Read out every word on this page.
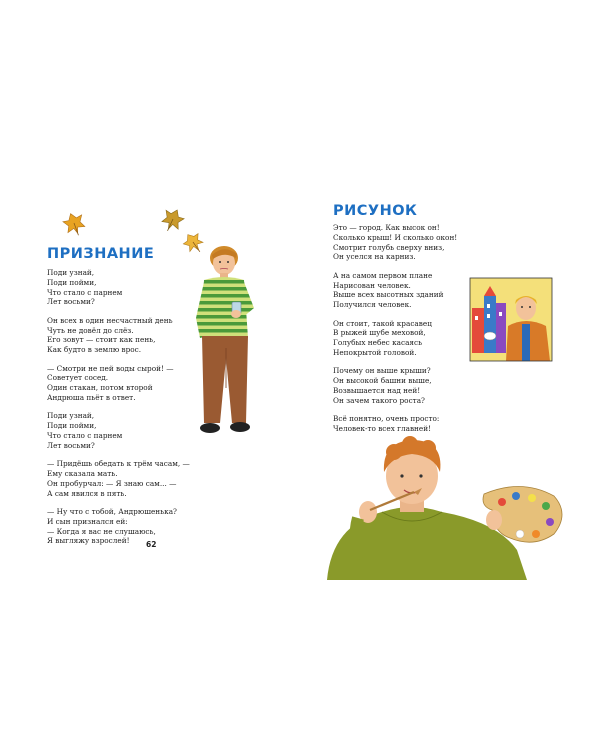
ПРИЗНАНИЕ
Поди узнай,
Поди пойми,
Что стало с парнем
Лет восьми?
Он всех в один несчастный день
Чуть не довёл до слёз.
Его зовут — стоит как пень,
Как будто в землю врос.
— Смотри не пей воды сырой! —
Советует сосед.
Один стакан, потом второй
Андрюша пьёт в ответ.
Поди узнай,
Поди пойми,
Что стало с парнем
Лет восьми?
— Придёшь обедать к трём часам, —
Ему сказала мать.
Он пробурчал: — Я знаю сам... —
А сам явился в пять.
— Ну что с тобой, Андрюшенька?
И сын признался ей:
— Когда я вас не слушаюсь,
Я выгляжу взрослей!	62
РИСУНОК
Это — город. Как высок он!
Сколько крыш! И сколько окон!
Смотрит голубь сверху вниз,
Он уселся на карниз.
А на самом первом плане
Нарисован человек.
Выше всех высотных зданий
Получился человек.
Он стоит, такой красавец
В рыжей шубе меховой,
Голубых небес касаясь
Непокрытой головой.
Почему он выше крыши?
Он высокой башни выше,
Возвышается над ней!
Он зачем такого роста?
Всё понятно, очень просто:
Человек-то всех главней!
